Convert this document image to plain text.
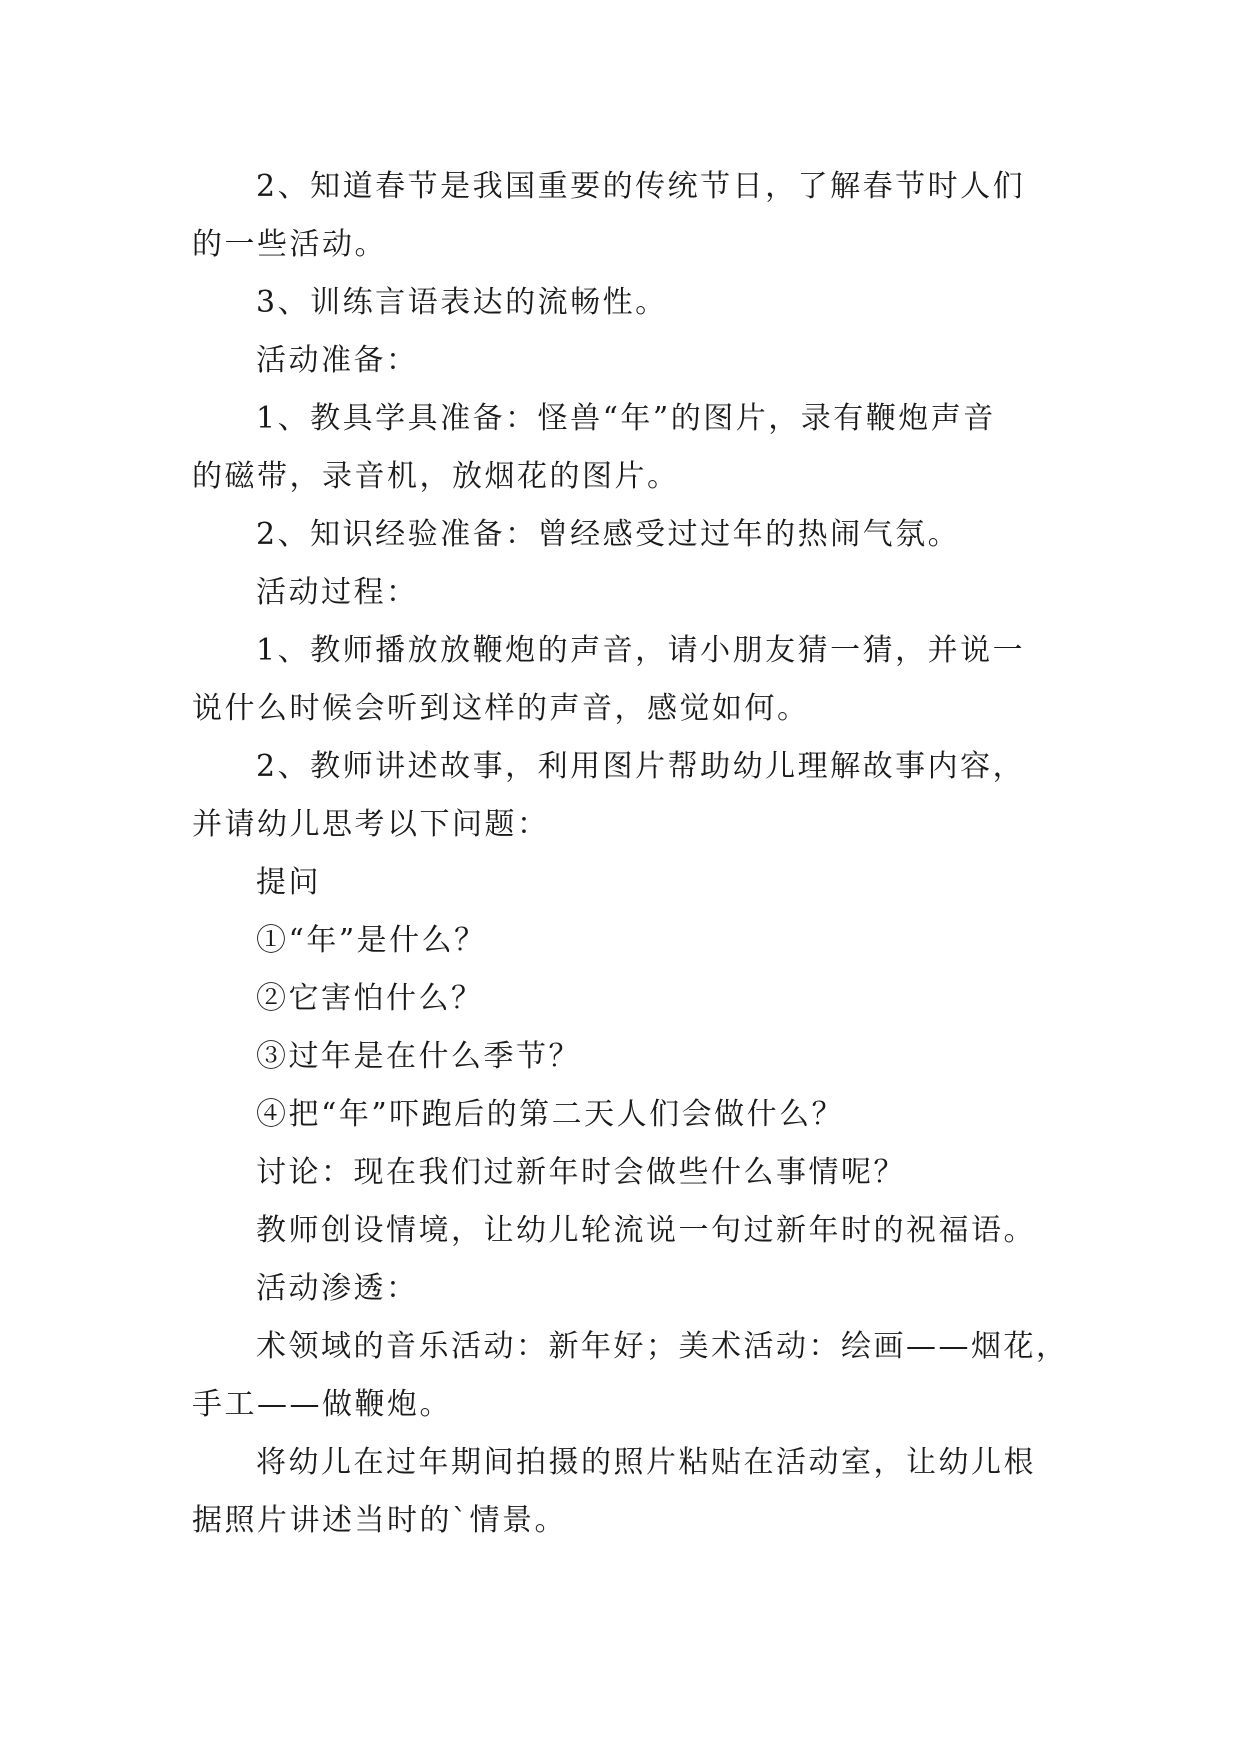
2、知道春节是我国重要的传统节日，了解春节时人们

的一些活动。

3、训练言语表达的流畅性。

活动准备：

1、教具学具准备：怪兽“年”的图片，录有鞭炮声音

的磁带，录音机，放烟花的图片。

2、知识经验准备：曾经感受过过年的热闹气氛。

活动过程：

1、教师播放放鞭炮的声音，请小朋友猜一猜，并说一

说什么时候会听到这样的声音，感觉如何。

2、教师讲述故事，利用图片帮助幼儿理解故事内容，

并请幼儿思考以下问题：

提问

①“年”是什么？

②它害怕什么？

③过年是在什么季节？

④把“年”吓跑后的第二天人们会做什么？

讨论：现在我们过新年时会做些什么事情呢？

教师创设情境，让幼儿轮流说一句过新年时的祝福语。

活动渗透：

术领域的音乐活动：新年好；美术活动：绘画——烟花，

手工——做鞭炮。

将幼儿在过年期间拍摄的照片粘贴在活动室，让幼儿根

据照片讲述当时的`情景。
